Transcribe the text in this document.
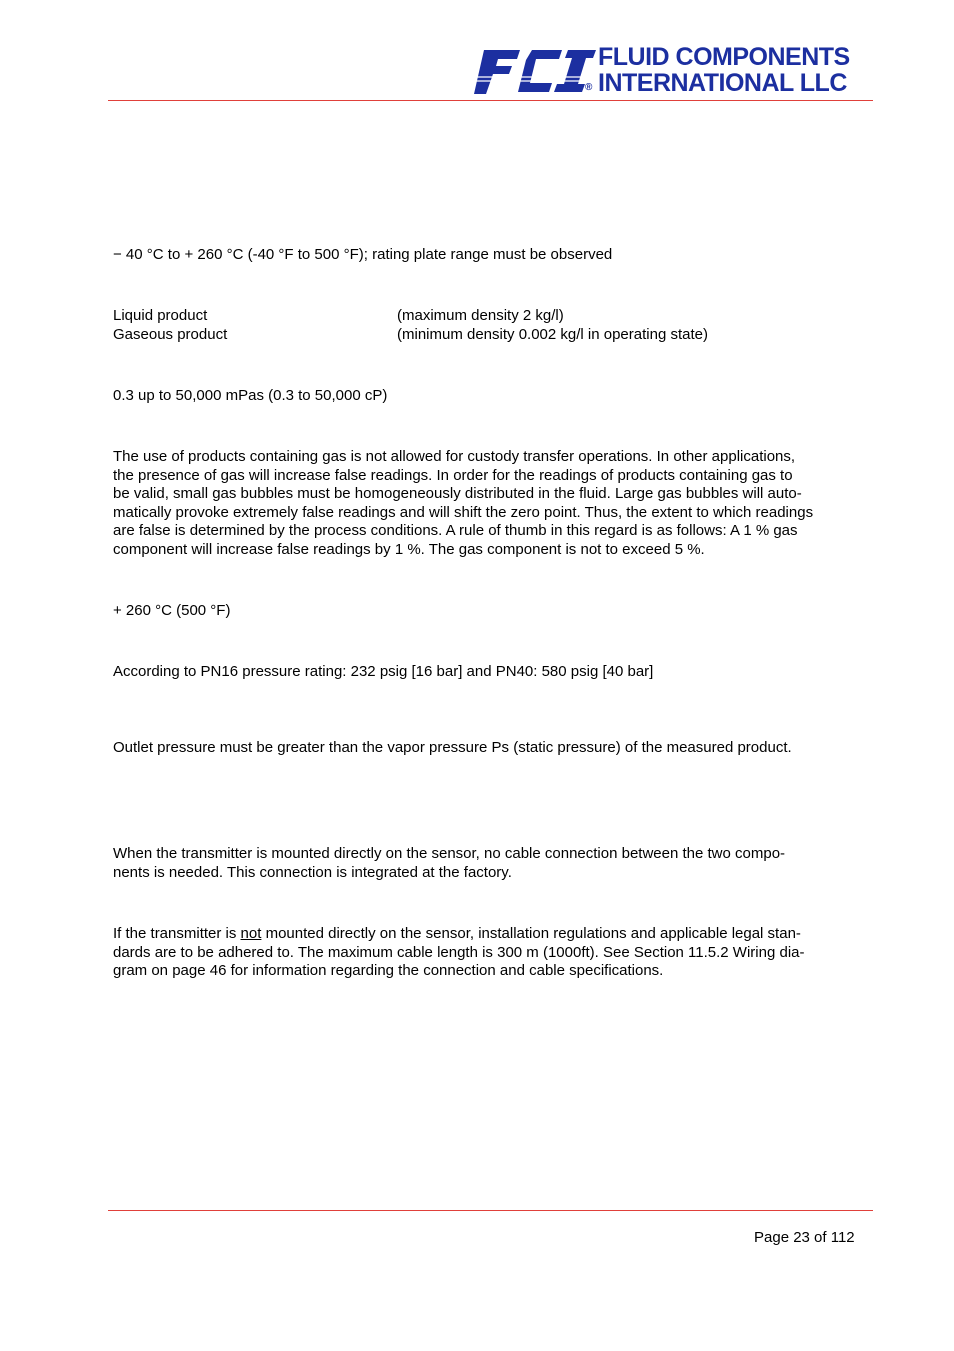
®
FLUID COMPONENTS
INTERNATIONAL LLC
− 40 °C to + 260 °C (-40 °F to 500 °F); rating plate range must be observed
Liquid product	(maximum density 2 kg/l)
Gaseous product	(minimum density 0.002 kg/l in operating state)
0.3 up to 50,000 mPas (0.3 to 50,000 cP)
The use of products containing gas is not allowed for custody transfer operations. In other applications,
the presence of gas will increase false readings. In order for the readings of products containing gas to
be valid, small gas bubbles must be homogeneously distributed in the fluid. Large gas bubbles will auto-
matically provoke extremely false readings and will shift the zero point. Thus, the extent to which readings
are false is determined by the process conditions. A rule of thumb in this regard is as follows: A 1 % gas
component will increase false readings by 1 %. The gas component is not to exceed 5 %.
+ 260 °C (500 °F)
According to PN16 pressure rating: 232 psig [16 bar] and PN40: 580 psig [40 bar]
Outlet pressure must be greater than the vapor pressure Ps (static pressure) of the measured product.
When the transmitter is mounted directly on the sensor, no cable connection between the two compo-
nents is needed. This connection is integrated at the factory.
If the transmitter is not mounted directly on the sensor, installation regulations and applicable legal stan-
dards are to be adhered to. The maximum cable length is 300 m (1000ft). See Section 11.5.2 Wiring dia-
gram on page 46 for information regarding the connection and cable specifications.
Page 23 of 112
